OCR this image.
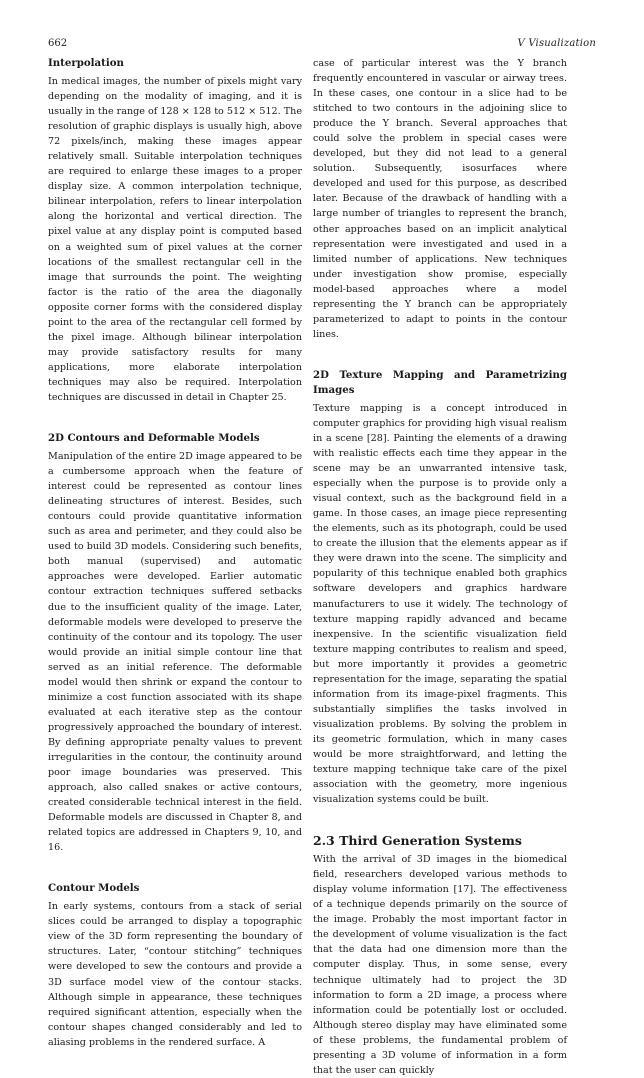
662	V Visualization
Interpolation

In medical images, the number of pixels might vary depending on the modality of imaging, and it is usually in the range of 128 × 128 to 512 × 512. The resolution of graphic displays is usually high, above 72 pixels/inch, making these images appear relatively small. Suitable interpolation techniques are required to enlarge these images to a proper display size. A common interpolation technique, bilinear interpolation, refers to linear interpolation along the horizontal and vertical direction. The pixel value at any display point is computed based on a weighted sum of pixel values at the corner locations of the smallest rectangular cell in the image that surrounds the point. The weighting factor is the ratio of the area the diagonally opposite corner forms with the considered display point to the area of the rectangular cell formed by the pixel image. Although bilinear interpolation may provide satisfactory results for many applications, more elaborate interpolation techniques may also be required. Interpolation techniques are discussed in detail in Chapter 25.

2D Contours and Deformable Models

Manipulation of the entire 2D image appeared to be a cumbersome approach when the feature of interest could be represented as contour lines delineating structures of interest. Besides, such contours could provide quantitative information such as area and perimeter, and they could also be used to build 3D models. Considering such benefits, both manual (supervised) and automatic approaches were developed. Earlier automatic contour extraction techniques suffered setbacks due to the insufficient quality of the image. Later, deformable models were developed to preserve the continuity of the contour and its topology. The user would provide an initial simple contour line that served as an initial reference. The deformable model would then shrink or expand the contour to minimize a cost function associated with its shape evaluated at each iterative step as the contour progressively approached the boundary of interest. By defining appropriate penalty values to prevent irregularities in the contour, the continuity around poor image boundaries was preserved. This approach, also called snakes or active contours, created considerable technical interest in the field. Deformable models are discussed in Chapter 8, and related topics are addressed in Chapters 9, 10, and 16.

Contour Models

In early systems, contours from a stack of serial slices could be arranged to display a topographic view of the 3D form representing the boundary of structures. Later, “contour stitching” techniques were developed to sew the contours and provide a 3D surface model view of the contour stacks. Although simple in appearance, these techniques required significant attention, especially when the contour shapes changed considerably and led to aliasing problems in the rendered surface. A

case of particular interest was the Y branch frequently encountered in vascular or airway trees. In these cases, one contour in a slice had to be stitched to two contours in the adjoining slice to produce the Y branch. Several approaches that could solve the problem in special cases were developed, but they did not lead to a general solution. Subsequently, isosurfaces where developed and used for this purpose, as described later. Because of the drawback of handling with a large number of triangles to represent the branch, other approaches based on an implicit analytical representation were investigated and used in a limited number of applications. New techniques under investigation show promise, especially model-based approaches where a model representing the Y branch can be appropriately parameterized to adapt to points in the contour lines.

2D Texture Mapping and Parametrizing Images

Texture mapping is a concept introduced in computer graphics for providing high visual realism in a scene [28]. Painting the elements of a drawing with realistic effects each time they appear in the scene may be an unwarranted intensive task, especially when the purpose is to provide only a visual context, such as the background field in a game. In those cases, an image piece representing the elements, such as its photograph, could be used to create the illusion that the elements appear as if they were drawn into the scene. The simplicity and popularity of this technique enabled both graphics software developers and graphics hardware manufacturers to use it widely. The technology of texture mapping rapidly advanced and became inexpensive. In the scientific visualization field texture mapping contributes to realism and speed, but more importantly it provides a geometric representation for the image, separating the spatial information from its image-pixel fragments. This substantially simplifies the tasks involved in visualization problems. By solving the problem in its geometric formulation, which in many cases would be more straightforward, and letting the texture mapping technique take care of the pixel association with the geometry, more ingenious visualization systems could be built.

2.3 Third Generation Systems

With the arrival of 3D images in the biomedical field, researchers developed various methods to display volume information [17]. The effectiveness of a technique depends primarily on the source of the image. Probably the most important factor in the development of volume visualization is the fact that the data had one dimension more than the computer display. Thus, in some sense, every technique ultimately had to project the 3D information to form a 2D image, a process where information could be potentially lost or occluded. Although stereo display may have eliminated some of these problems, the fundamental problem of presenting a 3D volume of information in a form that the user can quickly
